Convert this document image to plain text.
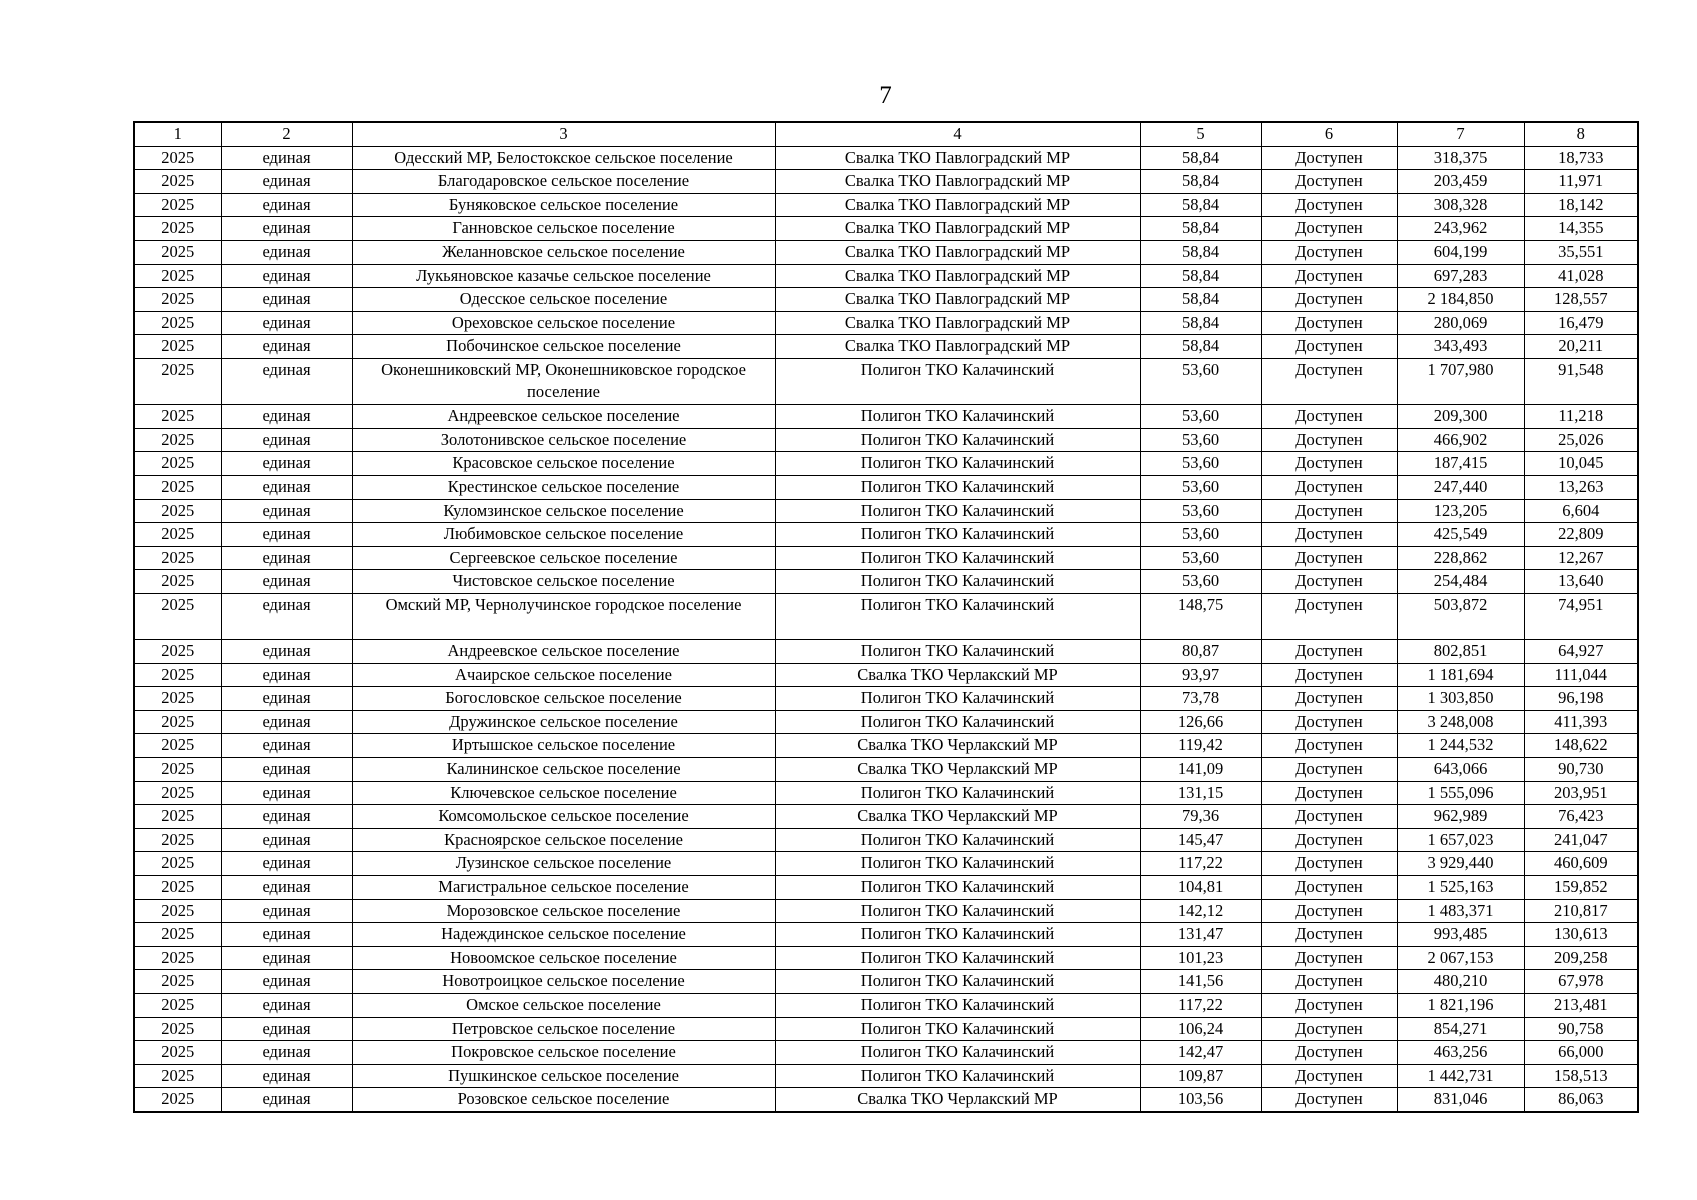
7
1	2	3	4	5	6	7	8
2025	единая	Одесский МР, Белостокское сельское поселение	Свалка ТКО Павлоградский МР	58,84	Доступен	318,375	18,733
2025	единая	Благодаровское сельское поселение	Свалка ТКО Павлоградский МР	58,84	Доступен	203,459	11,971
2025	единая	Буняковское сельское поселение	Свалка ТКО Павлоградский МР	58,84	Доступен	308,328	18,142
2025	единая	Ганновское сельское поселение	Свалка ТКО Павлоградский МР	58,84	Доступен	243,962	14,355
2025	единая	Желанновское сельское поселение	Свалка ТКО Павлоградский МР	58,84	Доступен	604,199	35,551
2025	единая	Лукьяновское казачье сельское поселение	Свалка ТКО Павлоградский МР	58,84	Доступен	697,283	41,028
2025	единая	Одесское сельское поселение	Свалка ТКО Павлоградский МР	58,84	Доступен	2 184,850	128,557
2025	единая	Ореховское сельское поселение	Свалка ТКО Павлоградский МР	58,84	Доступен	280,069	16,479
2025	единая	Побочинское сельское поселение	Свалка ТКО Павлоградский МР	58,84	Доступен	343,493	20,211
2025	единая	Оконешниковский МР, Оконешниковское городское поселение	Полигон ТКО Калачинский	53,60	Доступен	1 707,980	91,548
2025	единая	Андреевское сельское поселение	Полигон ТКО Калачинский	53,60	Доступен	209,300	11,218
2025	единая	Золотонивское сельское поселение	Полигон ТКО Калачинский	53,60	Доступен	466,902	25,026
2025	единая	Красовское сельское поселение	Полигон ТКО Калачинский	53,60	Доступен	187,415	10,045
2025	единая	Крестинское сельское поселение	Полигон ТКО Калачинский	53,60	Доступен	247,440	13,263
2025	единая	Куломзинское сельское поселение	Полигон ТКО Калачинский	53,60	Доступен	123,205	6,604
2025	единая	Любимовское сельское поселение	Полигон ТКО Калачинский	53,60	Доступен	425,549	22,809
2025	единая	Сергеевское сельское поселение	Полигон ТКО Калачинский	53,60	Доступен	228,862	12,267
2025	единая	Чистовское сельское поселение	Полигон ТКО Калачинский	53,60	Доступен	254,484	13,640
2025	единая	Омский МР, Чернолучинское городское поселение	Полигон ТКО Калачинский	148,75	Доступен	503,872	74,951
2025	единая	Андреевское сельское поселение	Полигон ТКО Калачинский	80,87	Доступен	802,851	64,927
2025	единая	Ачаирское сельское поселение	Свалка ТКО Черлакский МР	93,97	Доступен	1 181,694	111,044
2025	единая	Богословское сельское поселение	Полигон ТКО Калачинский	73,78	Доступен	1 303,850	96,198
2025	единая	Дружинское сельское поселение	Полигон ТКО Калачинский	126,66	Доступен	3 248,008	411,393
2025	единая	Иртышское сельское поселение	Свалка ТКО Черлакский МР	119,42	Доступен	1 244,532	148,622
2025	единая	Калининское сельское поселение	Свалка ТКО Черлакский МР	141,09	Доступен	643,066	90,730
2025	единая	Ключевское сельское поселение	Полигон ТКО Калачинский	131,15	Доступен	1 555,096	203,951
2025	единая	Комсомольское сельское поселение	Свалка ТКО Черлакский МР	79,36	Доступен	962,989	76,423
2025	единая	Красноярское сельское поселение	Полигон ТКО Калачинский	145,47	Доступен	1 657,023	241,047
2025	единая	Лузинское сельское поселение	Полигон ТКО Калачинский	117,22	Доступен	3 929,440	460,609
2025	единая	Магистральное сельское поселение	Полигон ТКО Калачинский	104,81	Доступен	1 525,163	159,852
2025	единая	Морозовское сельское поселение	Полигон ТКО Калачинский	142,12	Доступен	1 483,371	210,817
2025	единая	Надеждинское сельское поселение	Полигон ТКО Калачинский	131,47	Доступен	993,485	130,613
2025	единая	Новоомское сельское поселение	Полигон ТКО Калачинский	101,23	Доступен	2 067,153	209,258
2025	единая	Новотроицкое сельское поселение	Полигон ТКО Калачинский	141,56	Доступен	480,210	67,978
2025	единая	Омское сельское поселение	Полигон ТКО Калачинский	117,22	Доступен	1 821,196	213,481
2025	единая	Петровское сельское поселение	Полигон ТКО Калачинский	106,24	Доступен	854,271	90,758
2025	единая	Покровское сельское поселение	Полигон ТКО Калачинский	142,47	Доступен	463,256	66,000
2025	единая	Пушкинское сельское поселение	Полигон ТКО Калачинский	109,87	Доступен	1 442,731	158,513
2025	единая	Розовское сельское поселение	Свалка ТКО Черлакский МР	103,56	Доступен	831,046	86,063
